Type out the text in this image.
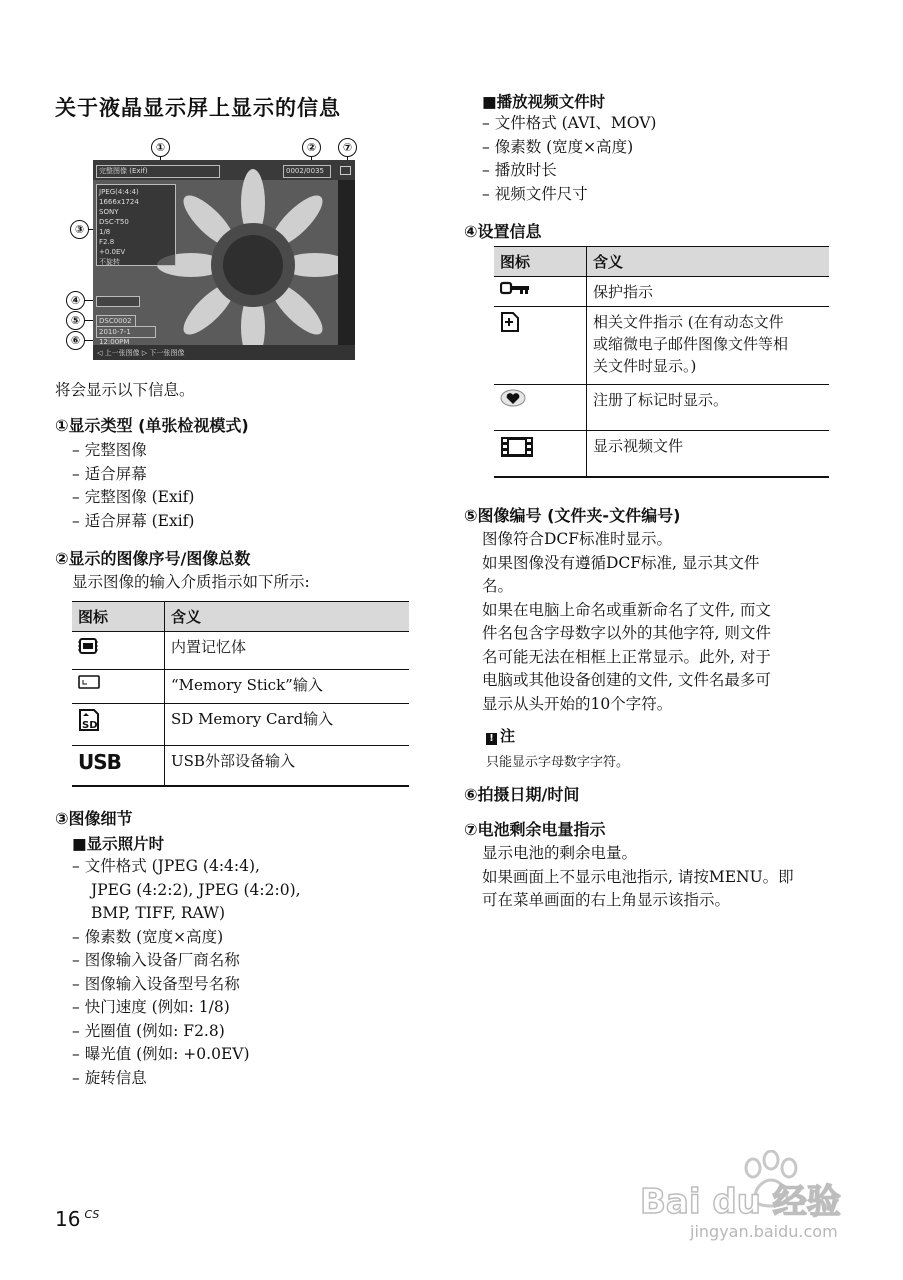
关于液晶显示屏上显示的信息
①	②	⑦
③
④
⑤
⑥
完整图像 (Exif)	0002/0035
JPEG(4:4:4)
1666x1724
SONY
DSC-T50
1/8
F2.8
+0.0EV
不旋转
DSC0002
2010-7-1 12:00PM
◁ 上一张图像 ▷ 下一张图像
将会显示以下信息。
①显示类型 (单张检视模式)
– 完整图像
– 适合屏幕
– 完整图像 (Exif)
– 适合屏幕 (Exif)
②显示的图像序号/图像总数
显示图像的输入介质指示如下所示:
图标	含义
	内置记忆体
	“Memory Stick”输入

SD	SD Memory Card输入
USB	USB外部设备输入
③图像细节
■显示照片时
– 文件格式 (JPEG (4:4:4),
JPEG (4:2:2), JPEG (4:2:0),
BMP, TIFF, RAW)
– 像素数 (宽度×高度)
– 图像输入设备厂商名称
– 图像输入设备型号名称
– 快门速度 (例如: 1/8)
– 光圈值 (例如: F2.8)
– 曝光值 (例如: +0.0EV)
– 旋转信息
■播放视频文件时
– 文件格式 (AVI、MOV)
– 像素数 (宽度×高度)
– 播放时长
– 视频文件尺寸
④设置信息
图标	含义
	保护指示

相关文件指示 (在有动态文件
或缩微电子邮件图像文件等相
关文件时显示。)

	注册了标记时显示。
	显示视频文件
⑤图像编号 (文件夹-文件编号)
图像符合DCF标准时显示。
如果图像没有遵循DCF标准, 显示其文件
名。
如果在电脑上命名或重新命名了文件, 而文
件名包含字母数字以外的其他字符, 则文件
名可能无法在相框上正常显示。此外, 对于
电脑或其他设备创建的文件, 文件名最多可
显示从头开始的10个字符。
! 注
只能显示字母数字字符。
⑥拍摄日期/时间
⑦电池剩余电量指示
显示电池的剩余电量。
如果画面上不显示电池指示, 请按MENU。即
可在菜单画面的右上角显示该指示。
16 $^{CS}$	Bai du 经验
jingyan.baidu.com
